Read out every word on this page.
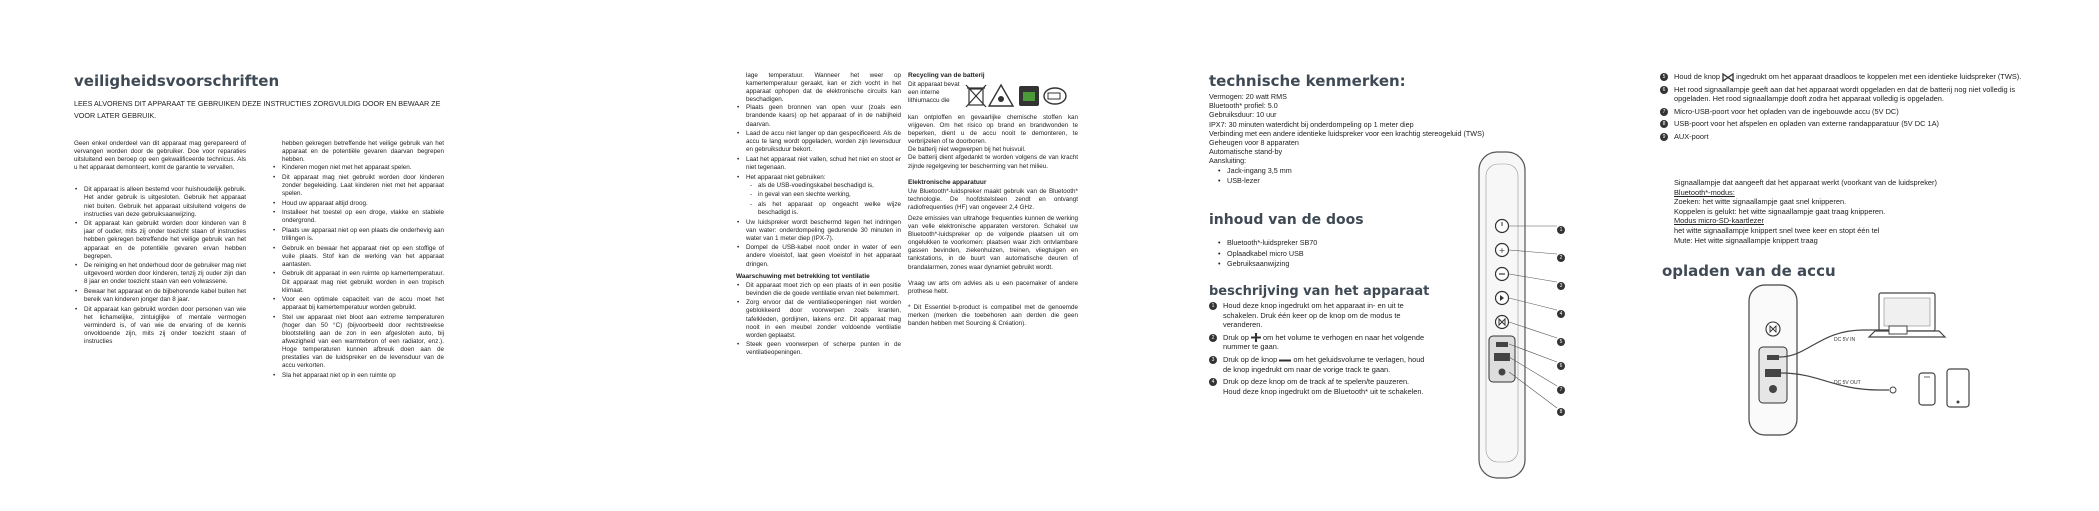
veiligheidsvoorschriften

LEES ALVORENS DIT APPARAAT TE GEBRUIKEN DEZE INSTRUCTIES ZORGVULDIG DOOR EN BEWAAR ZE VOOR LATER GEBRUIK.

Geen enkel onderdeel van dit apparaat mag gerepareerd of vervangen worden door de gebruiker. Doe voor reparaties uitsluitend een beroep op een gekwalificeerde technicus. Als u het apparaat demonteert, komt de garantie te vervallen.

• Dit apparaat is alleen bestemd voor huishoudelijk gebruik. Het ander gebruik is uitgesloten. Gebruik het apparaat niet buiten. Gebruik het apparaat uitsluitend volgens de instructies van deze gebruiksaanwijzing.
• Dit apparaat kan gebruikt worden door kinderen van 8 jaar of ouder, mits zij onder toezicht staan of instructies hebben gekregen betreffende het veilige gebruik van het apparaat en de potentiële gevaren ervan hebben begrepen.
• De reiniging en het onderhoud door de gebruiker mag niet uitgevoerd worden door kinderen, tenzij zij ouder zijn dan 8 jaar en onder toezicht staan van een volwassene.
• Bewaar het apparaat en de bijbehorende kabel buiten het bereik van kinderen jonger dan 8 jaar.
• Dit apparaat kan gebruikt worden door personen van wie het lichamelijke, zintuiglijke of mentale vermogen verminderd is, of van wie de ervaring of de kennis onvoldoende zijn, mits zij onder toezicht staan of instructies

hebben gekregen betreffende het veilige gebruik van het apparaat en de potentiële gevaren daarvan begrepen hebben.

• Kinderen mogen niet met het apparaat spelen.
• Dit apparaat mag niet gebruikt worden door kinderen zonder begeleiding. Laat kinderen niet met het apparaat spelen.
• Houd uw apparaat altijd droog.
• Installeer het toestel op een droge, vlakke en stabiele ondergrond.
• Plaats uw apparaat niet op een plaats die onderhevig aan trillingen is.
• Gebruik en bewaar het apparaat niet op een stoffige of vuile plaats. Stof kan de werking van het apparaat aantasten.
• Gebruik dit apparaat in een ruimte op kamertemperatuur. Dit apparaat mag niet gebruikt worden in een tropisch klimaat.
• Voor een optimale capaciteit van de accu moet het apparaat bij kamertemperatuur worden gebruikt.
• Stel uw apparaat niet bloot aan extreme temperaturen (hoger dan 50 °C) (bijvoorbeeld door rechtstreekse blootstelling aan de zon in een afgesloten auto, bij afwezigheid van een warmtebron of een radiator, enz.). Hoge temperaturen kunnen afbreuk doen aan de prestaties van de luidspreker en de levensduur van de accu verkorten.
• Sla het apparaat niet op in een ruimte op

lage temperatuur. Wanneer het weer op kamertemperatuur geraakt, kan er zich vocht in het apparaat ophopen dat de elektronische circuits kan beschadigen.

• Plaats geen bronnen van open vuur (zoals een brandende kaars) op het apparaat of in de nabijheid daarvan.
• Laad de accu niet langer op dan gespecificeerd. Als de accu te lang wordt opgeladen, worden zijn levensduur en gebruiksduur bekort.
• Laat het apparaat niet vallen, schud het niet en stoot er niet tegenaan.
• Het apparaat niet gebruiken:
- als de USB-voedingskabel beschadigd is,
- in geval van een slechte werking,
- als het apparaat op ongeacht welke wijze beschadigd is.
• Uw luidspreker wordt beschermd tegen het indringen van water: onderdompeling gedurende 30 minuten in water van 1 meter diep (IPX-7).
• Dompel de USB-kabel nooit onder in water of een andere vloeistof, laat geen vloeistof in het apparaat dringen.

Waarschuwing met betrekking tot ventilatie

• Dit apparaat moet zich op een plaats of in een positie bevinden die de goede ventilatie ervan niet belemmert.
• Zorg ervoor dat de ventilatieopeningen niet worden geblokkeerd door voorwerpen zoals kranten, tafelkleden, gordijnen, lakens enz. Dit apparaat mag nooit in een meubel zonder voldoende ventilatie worden geplaatst.
• Steek geen voorwerpen of scherpe punten in de ventilatieopeningen.

Recycling van de batterij

Dit apparaat bevat een interne lithiumaccu die

kan ontploffen en gevaarlijke chemische stoffen kan vrijgeven. Om het risico op brand en brandwonden te beperken, dient u de accu nooit te demonteren, te verbrijzelen of te doorboren.

De batterij niet wegwerpen bij het huisvuil.

De batterij dient afgedankt te worden volgens de van kracht zijnde regelgeving ter bescherming van het milieu.

Elektronische apparatuur

Uw Bluetooth*-luidspreker maakt gebruik van de Bluetooth* technologie. De hoofdstelsteen zendt en ontvangt radiofrequenties (HF) van ongeveer 2,4 GHz.

Deze emissies van ultrahoge frequenties kunnen de werking van velle elektronische apparaten verstoren. Schakel uw Bluetooth*-luidspreker op de volgende plaatsen uit om ongelukken te voorkomen: plaatsen waar zich ontvlambare gassen bevinden, ziekenhuizen, treinen, vliegtuigen en tankstations, in de buurt van automatische deuren of brandalarmen, zones waar dynamiet gebruikt wordt.

Vraag uw arts om advies als u een pacemaker of andere prothese hebt.

* Dit Essentiel b-product is compatibel met de genoemde merken (merken die toebehoren aan derden die geen banden hebben met Sourcing & Création).

technische kenmerken:

Vermogen: 20 watt RMS

Bluetooth* profiel: 5.0

Gebruiksduur: 10 uur

IPX7: 30 minuten waterdicht bij onderdompeling op 1 meter diep

Verbinding met een andere identieke luidspreker voor een krachtig stereogeluid (TWS)

Geheugen voor 8 apparaten

Automatische stand-by

Aansluiting:

• Jack-ingang 3,5 mm
• USB-lezer
inhoud van de doos
• Bluetooth*-luidspreker SB70
• Oplaadkabel micro USB
• Gebruiksaanwijzing
beschrijving van het apparaat
1	Houd deze knop ingedrukt om het apparaat in- en uit te schakelen. Druk één keer op de knop om de modus te veranderen.
2	Druk op om het volume te verhogen en naar het volgende nummer te gaan.
3	Druk op de knop om het geluidsvolume te verlagen, houd de knop ingedrukt om naar de vorige track te gaan.
4	Druk op deze knop om de track af te spelen/te pauzeren. Houd deze knop ingedrukt om de Bluetooth* uit te schakelen.
+
1
2
3
4
5
6
7
8
5	Houd de knop ingedrukt om het apparaat draadloos te koppelen met een identieke luidspreker (TWS).
6	Het rood signaallampje geeft aan dat het apparaat wordt opgeladen en dat de batterij nog niet volledig is opgeladen. Het rood signaallampje dooft zodra het apparaat volledig is opgeladen.
7	Micro-USB-poort voor het opladen van de ingebouwde accu (5V DC)
8	USB-poort voor het afspelen en opladen van externe randapparatuur (5V DC 1A)
9	AUX-poort

Signaallampje dat aangeeft dat het apparaat werkt (voorkant van de luidspreker)

Bluetooth*-modus:

Zoeken: het witte signaallampje gaat snel knipperen.

Koppelen is gelukt: het witte signaallampje gaat traag knipperen.

Modus micro-SD-kaartlezer

het witte signaallampje knippert snel twee keer en stopt één tel

Mute: Het witte signaallampje knippert traag

opladen van de accu
DC 5V IN
DC 5V OUT
